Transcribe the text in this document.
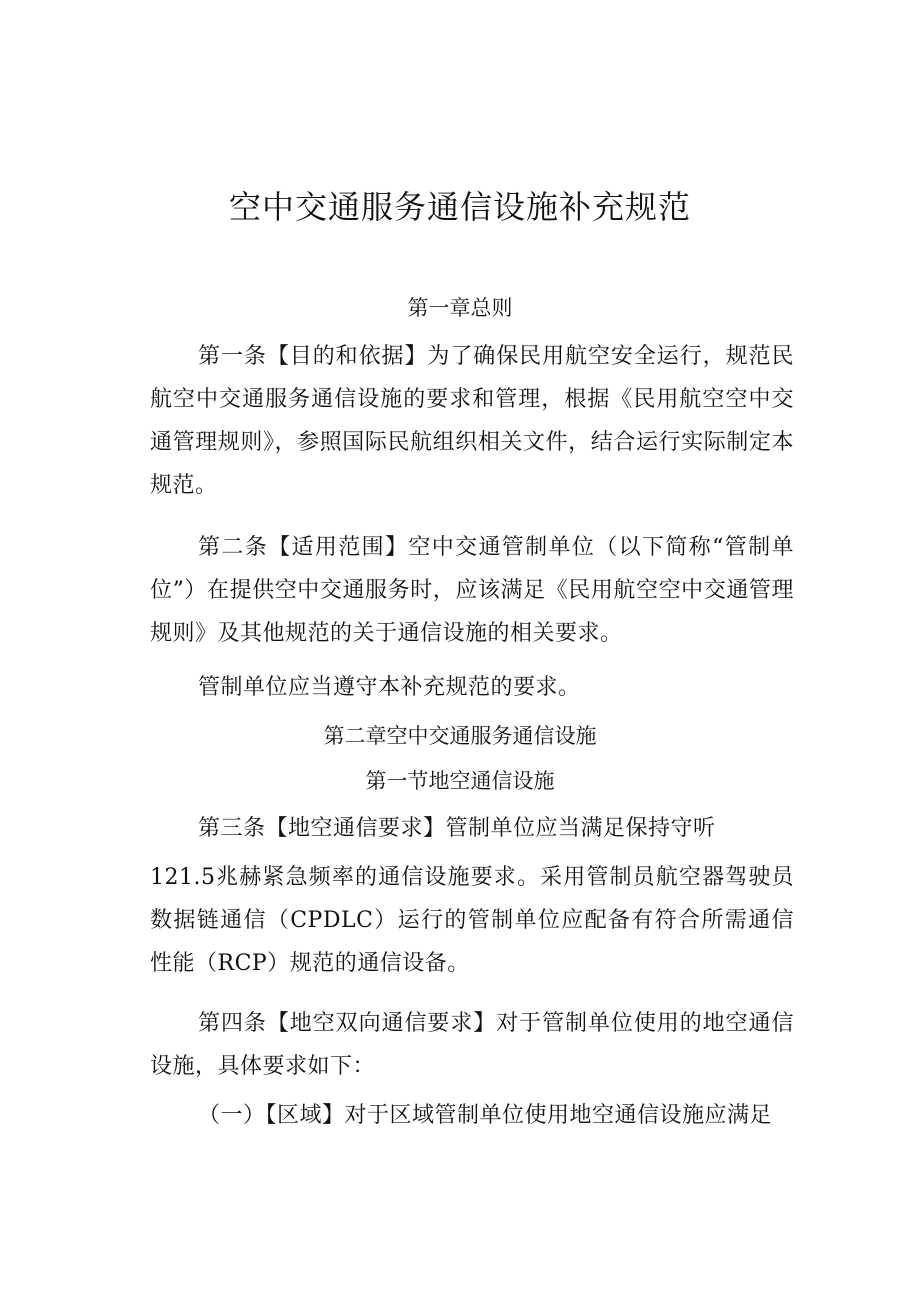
空中交通服务通信设施补充规范
第一章总则
第一条【目的和依据】为了确保民用航空安全运行，规范民航空中交通服务通信设施的要求和管理，根据《民用航空空中交通管理规则》，参照国际民航组织相关文件，结合运行实际制定本规范。
第二条【适用范围】空中交通管制单位（以下简称“管制单位”）在提供空中交通服务时，应该满足《民用航空空中交通管理规则》及其他规范的关于通信设施的相关要求。
管制单位应当遵守本补充规范的要求。
第二章空中交通服务通信设施
第一节地空通信设施
第三条【地空通信要求】管制单位应当满足保持守听
121.5兆赫紧急频率的通信设施要求。采用管制员航空器驾驶员数据链通信（CPDLC）运行的管制单位应配备有符合所需通信性能（RCP）规范的通信设备。
第四条【地空双向通信要求】对于管制单位使用的地空通信设施，具体要求如下：
（一）【区域】对于区域管制单位使用地空通信设施应满足
